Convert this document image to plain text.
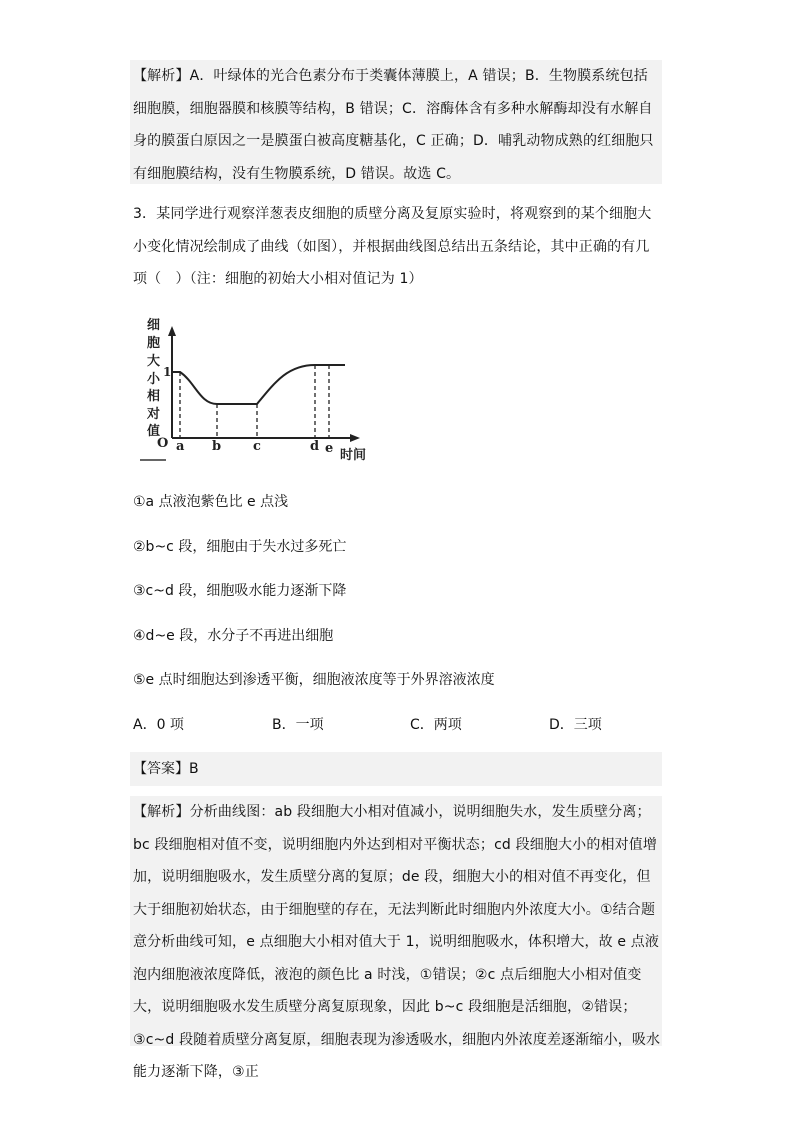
【解析】A．叶绿体的光合色素分布于类囊体薄膜上，A 错误；B．生物膜系统包括细胞膜，细胞器膜和核膜等结构，B 错误；C．溶酶体含有多种水解酶却没有水解自身的膜蛋白原因之一是膜蛋白被高度糖基化，C 正确；D．哺乳动物成熟的红细胞只有细胞膜结构，没有生物膜系统，D 错误。故选 C。
3．某同学进行观察洋葱表皮细胞的质壁分离及复原实验时，将观察到的某个细胞大小变化情况绘制成了曲线（如图），并根据曲线图总结出五条结论，其中正确的有几项（　）（注：细胞的初始大小相对值记为 1）
细
胞
大
小
相
对
值
O
1
时间
a b c	d e
①a 点液泡紫色比 e 点浅
②b~c 段，细胞由于失水过多死亡
③c~d 段，细胞吸水能力逐渐下降
④d~e 段，水分子不再进出细胞
⑤e 点时细胞达到渗透平衡，细胞液浓度等于外界溶液浓度
A．0 项	B．一项	C．两项	D．三项
【答案】B
【解析】分析曲线图：ab 段细胞大小相对值减小，说明细胞失水，发生质壁分离；bc 段细胞相对值不变，说明细胞内外达到相对平衡状态；cd 段细胞大小的相对值增加，说明细胞吸水，发生质壁分离的复原；de 段，细胞大小的相对值不再变化，但大于细胞初始状态，由于细胞壁的存在，无法判断此时细胞内外浓度大小。①结合题意分析曲线可知，e 点细胞大小相对值大于 1，说明细胞吸水，体积增大，故 e 点液泡内细胞液浓度降低，液泡的颜色比 a 时浅，①错误；②c 点后细胞大小相对值变大，说明细胞吸水发生质壁分离复原现象，因此 b~c 段细胞是活细胞，②错误；③c~d 段随着质壁分离复原，细胞表现为渗透吸水，细胞内外浓度差逐渐缩小，吸水能力逐渐下降，③正
